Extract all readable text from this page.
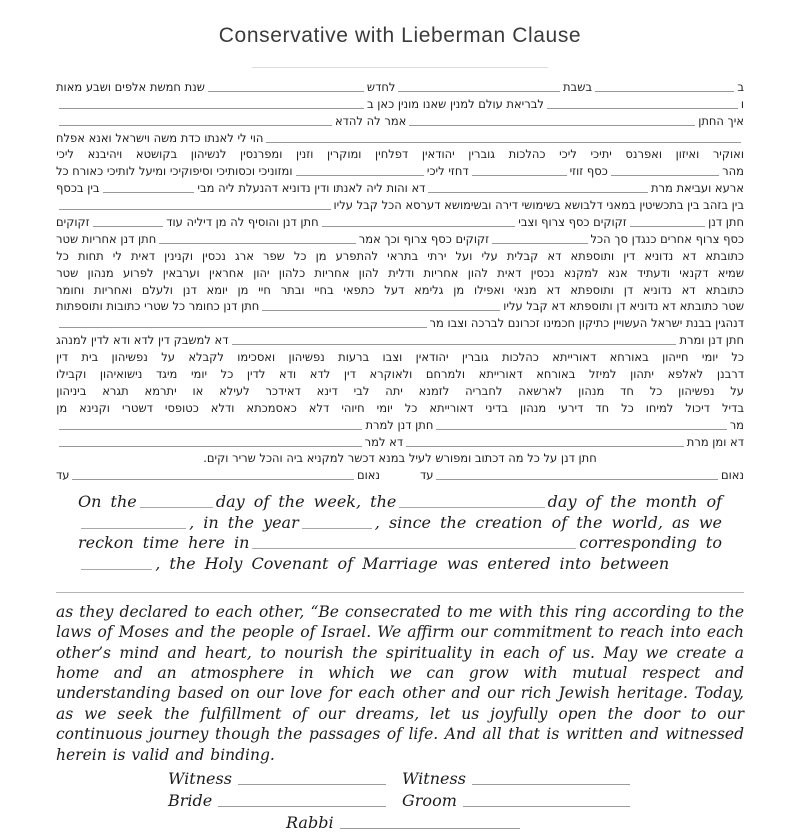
Conservative with Lieberman Clause
ב
בשבת
לחדש
שנת חמשת אלפים ושבע מאות
ו
לבריאת עולם למנין שאנו מונין כאן ב
איך החתן
אמר לה להדא
הוי לי לאנתו כדת משה וישראל ואנא אפלח
ואוקיר
ואיזון
ואפרנס
יתיכי
ליכי
כהלכות
גוברין
יהודאין
דפלחין
ומוקרין
וזנין
ומפרנסין
לנשיהון
בקושטא
ויהיבנא
ליכי
מהר
כסף זוזי
דחזי ליכי
ומזוניכי וכסותיכי וסיפוקיכי ומיעל לותיכי כאורח כל
ארעא ועביאת מרת
דא והות ליה לאנתו ודין נדוניא דהנעלת ליה מבי
בין בכסף
בין בזהב בין בתכשיטין במאני דלבושא בשימושי דירה ובשימושא דערסא הכל קבל עליו
חתן דנן
זקוקים כסף צרוף וצבי
חתן דנן והוסיף לה מן דיליה עוד
זקוקים
כסף צרוף אחרים כנגדן סך הכל
זקוקים כסף צרוף וכך אמר
חתן דנן אחריות שטר
כתובתא
דא
נדוניא
דין
ותוספתא
דא
קבלית
עלי
ועל
ירתי
בתראי
להתפרע
מן
כל
שפר
ארג
נכסין
וקנינין
דאית
לי
תחות
כל
שמיא
דקנאי
ודעתיד
אנא
למקנא
נכסין
דאית
להון
אחריות
ודלית
להון
אחריות
כלהון
יהון
אחראין
וערבאין
לפרוע
מנהון
שטר
כתובתא
דא
נדוניא
דן
ותוספתא
דא
מנאי
ואפילו
מן
גלימא
דעל
כתפאי
בחיי
ובתר
חיי
מן
יומא
דנן
ולעלם
ואחריות
וחומר
שטר כתובתא דא נדוניא דן ותוספתא דא קבל עליו
חתן דנן כחומר כל שטרי כתובות ותוספתות
דנהגין בבנת ישראל העשויין כתיקון חכמינו זכרונם לברכה וצבו מר
חתן דנן ומרת
דא למשבק דין לדא ודא לדין למנהג
כל
יומי
חייהון
באורחא
דאורייתא
כהלכות
גוברין
יהודאין
וצבו
ברעות
נפשיהון
ואסכימו
לקבלא
על
נפשיהון
בית
דין
דרבנן
לאלפא
יתהון
למיזל
באורחא
דאורייתא
ולמרחם
ולאוקרא
דין
לדא
ודא
לדין
כל
יומי
מיגד
נישואיהון
וקבילו
על
נפשיהון
כל
חד
מנהון
לארשאה
לחבריה
לזמנא
יתה
לבי
דינא
דאידכר
לעילא
או
יתרמא
תגרא
ביניהון
בדיל
דיכול
למיחו
כל
חד
דירעי
מנהון
בדיני
דאורייתא
כל
יומי
חיוהי
דלא
כאסמכתא
ודלא
כטופסי
דשטרי
וקנינא
מן
מר
חתן דנן למרת
דא ומן מרת
דא למר
חתן דנן על כל מה דכתוב ומפורש לעיל במנא דכשר למקניא ביה והכל שריר וקים.
נאום
עד
נאום
עד
On the	day of the week, the	day of the month of
, in the year	, since the creation of the world, as we
reckon time here in	corresponding to
, the Holy Covenant of Marriage was entered into between
as they declared to each other, “Be consecrated to me with this ring according to the laws of Moses and the people of Israel. We affirm our commitment to reach into each other’s mind and heart, to nourish the spirituality in each of us. May we create a home and an atmosphere in which we can grow with mutual respect and understanding based on our love for each other and our rich Jewish heritage. Today, as we seek the fulfillment of our dreams, let us joyfully open the door to our continuous journey though the passages of life. And all that is written and witnessed herein is valid and binding.
Witness	Witness
Bride	Groom
Rabbi
